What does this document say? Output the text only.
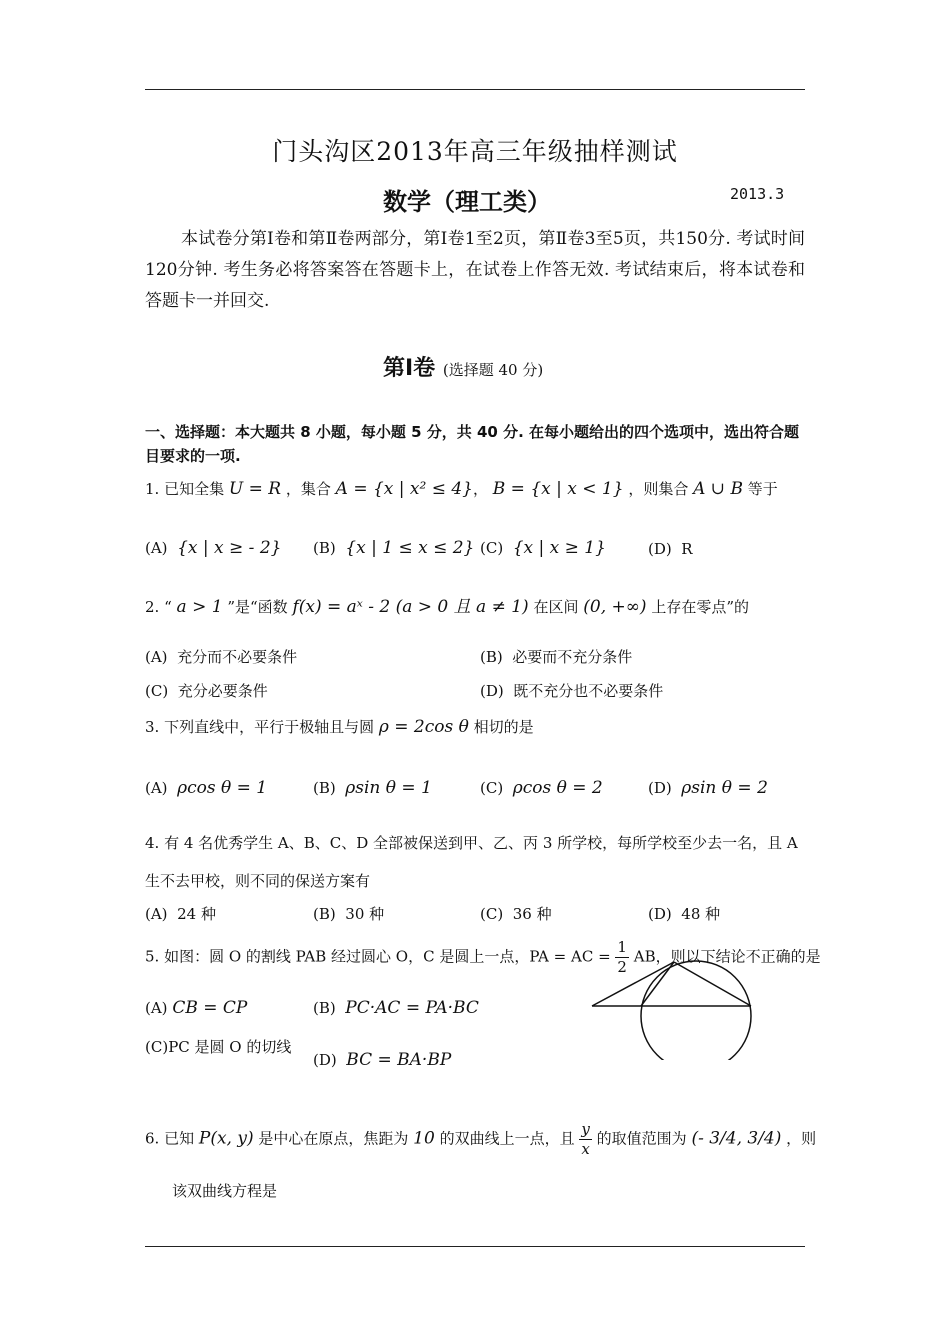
门头沟区2013年高三年级抽样测试
数学（理工类）	2013.3
本试卷分第Ⅰ卷和第Ⅱ卷两部分，第Ⅰ卷1至2页，第Ⅱ卷3至5页，共150分. 考试时间120分钟. 考生务必将答案答在答题卡上，在试卷上作答无效. 考试结束后，将本试卷和答题卡一并回交.
第Ⅰ卷 (选择题 40 分)
一、选择题：本大题共 8 小题，每小题 5 分，共 40 分. 在每小题给出的四个选项中，选出符合题目要求的一项.
1. 已知全集 U = R ，集合 A = {x | x² ≤ 4}， B = {x | x < 1} ，则集合 A ∪ B 等于
(A) {x | x ≥ - 2} (B) {x | 1 ≤ x ≤ 2} (C) {x | x ≥ 1}	(D) R
2. “ a > 1 ”是“函数 f(x) = aˣ - 2 (a > 0 且 a ≠ 1) 在区间 (0, +∞) 上存在零点”的
(A) 充分而不必要条件	(B) 必要而不充分条件
(C) 充分必要条件	(D) 既不充分也不必要条件
3. 下列直线中，平行于极轴且与圆 ρ = 2cos θ 相切的是
(A) ρcos θ = 1	(B) ρsin θ = 1	(C) ρcos θ = 2	(D) ρsin θ = 2
4. 有 4 名优秀学生 A、B、C、D 全部被保送到甲、乙、丙 3 所学校，每所学校至少去一名，且 A
生不去甲校，则不同的保送方案有
(A) 24 种	(B) 30 种	(C) 36 种	(D) 48 种
5. 如图：圆 O 的割线 PAB 经过圆心 O，C 是圆上一点，PA = AC = $\frac{1}{2}$ AB，则以下结论不正确的是
(A) CB = CP	(B) PC·AC = PA·BC
(C)PC 是圆 O 的切线
(D) BC = BA·BP
6. 已知 P(x, y) 是中心在原点，焦距为 10 的双曲线上一点，且 $\frac{y}{x}$ 的取值范围为 (- 3/4, 3/4) ，则
该双曲线方程是
